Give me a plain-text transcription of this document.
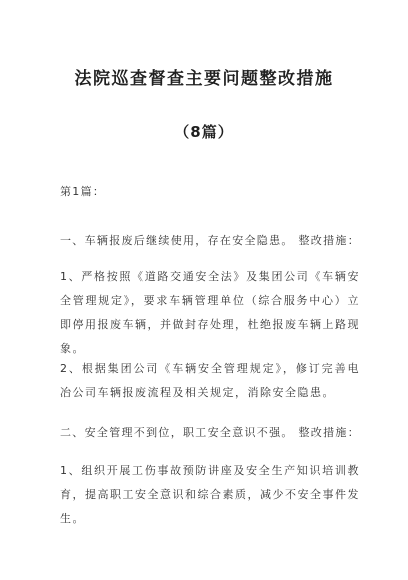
法院巡查督查主要问题整改措施
（8篇）
第1篇：
一、车辆报废后继续使用，存在安全隐患。 整改措施：
1、严格按照《道路交通安全法》及集团公司《车辆安全管理规定》，要求车辆管理单位（综合服务中心）立即停用报废车辆，并做封存处理，杜绝报废车辆上路现象。
2、根据集团公司《车辆安全管理规定》，修订完善电冶公司车辆报废流程及相关规定，消除安全隐患。
二、安全管理不到位，职工安全意识不强。 整改措施：
1、组织开展工伤事故预防讲座及安全生产知识培训教育，提高职工安全意识和综合素质，减少不安全事件发生。
